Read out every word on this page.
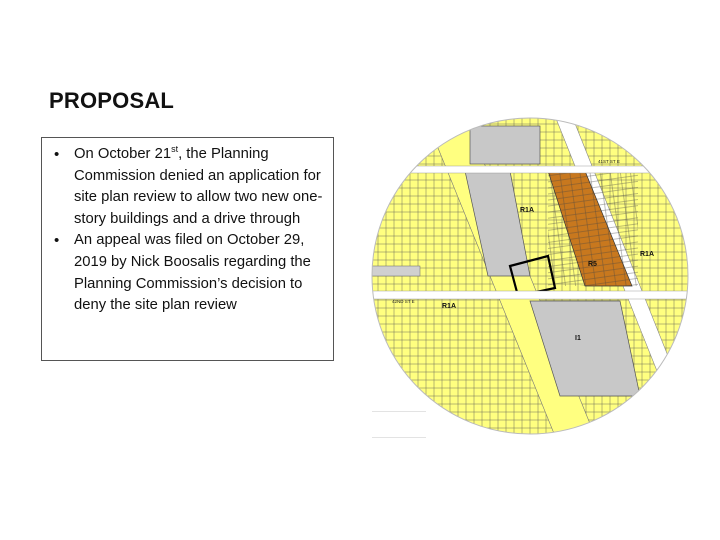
PROPOSAL
• On October 21st, the Planning Commission denied an application for site plan review to allow two new one-story buildings and a drive through
• An appeal was filed on October 29, 2019 by Nick Boosalis regarding the Planning Commission’s decision to deny the site plan review
R1A
R1A
R5
R1A
I1
41ST ST E
42ND ST E
